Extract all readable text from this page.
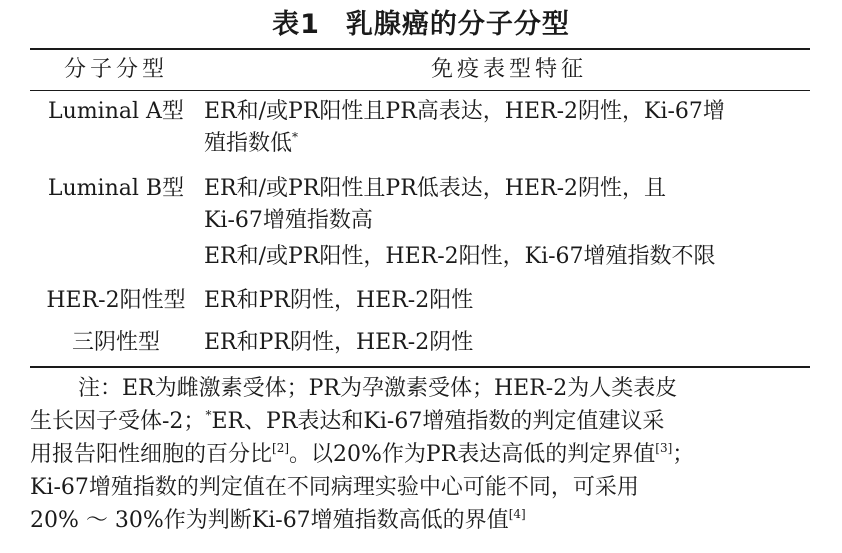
表1 乳腺癌的分子分型
分子分型	免疫表型特征
Luminal A型 ER和/或PR阳性且PR高表达，HER-2阴性，Ki-67增
殖指数低*
Luminal B型 ER和/或PR阳性且PR低表达，HER-2阴性，且
Ki-67增殖指数高
ER和/或PR阳性，HER-2阳性，Ki-67增殖指数不限
HER-2阳性型 ER和PR阴性，HER-2阳性
三阴性型	ER和PR阴性，HER-2阴性
注：ER为雌激素受体；PR为孕激素受体；HER-2为人类表皮
生长因子受体-2；*ER、PR表达和Ki-67增殖指数的判定值建议采
用报告阳性细胞的百分比[2]。以20%作为PR表达高低的判定界值[3]；
Ki-67增殖指数的判定值在不同病理实验中心可能不同，可采用
20% ～ 30%作为判断Ki-67增殖指数高低的界值[4]
